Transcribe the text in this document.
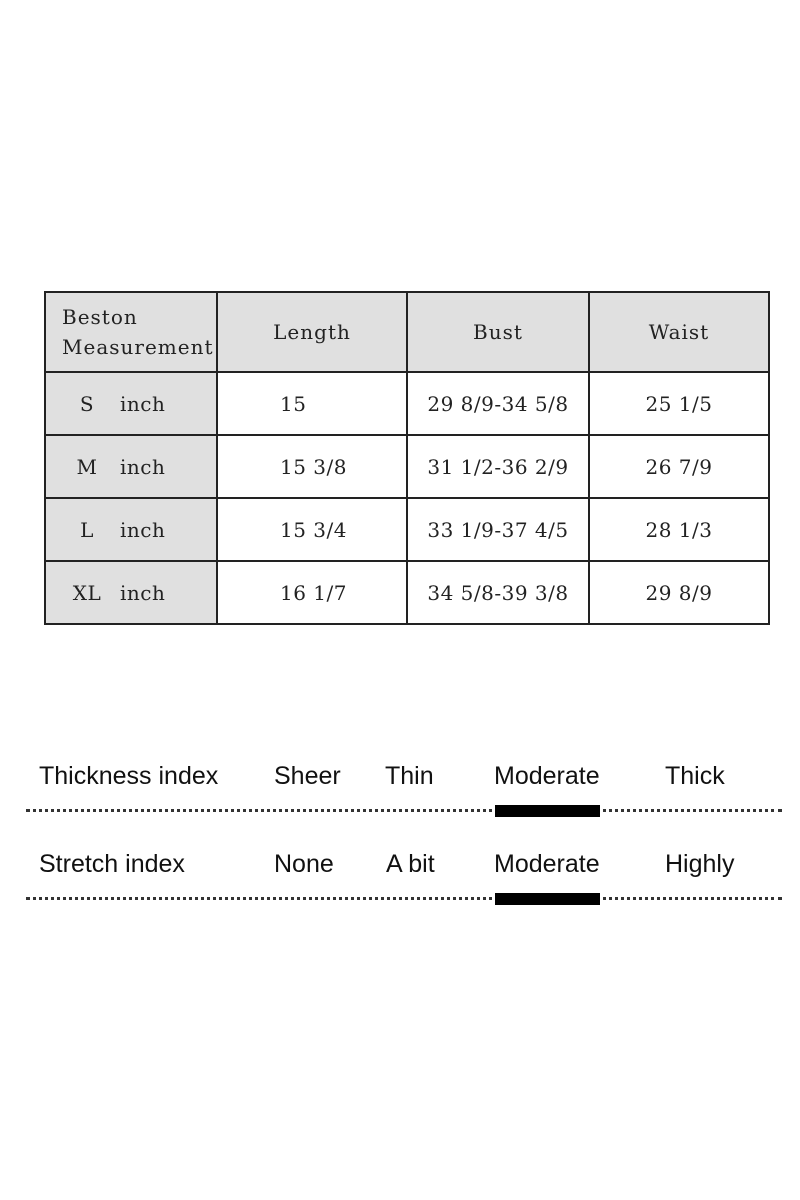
Beston
Measurement	Length	Bust	Waist
S inch	15	29 8/9-34 5/8	25 1/5
M inch	15 3/8	31 1/2-36 2/9	26 7/9
L inch	15 3/4	33 1/9-37 4/5	28 1/3
XL inch	16 1/7	34 5/8-39 3/8	29 8/9
Thickness index Sheer Thin Moderate	Thick
Stretch index	None A bit Moderate	Highly
